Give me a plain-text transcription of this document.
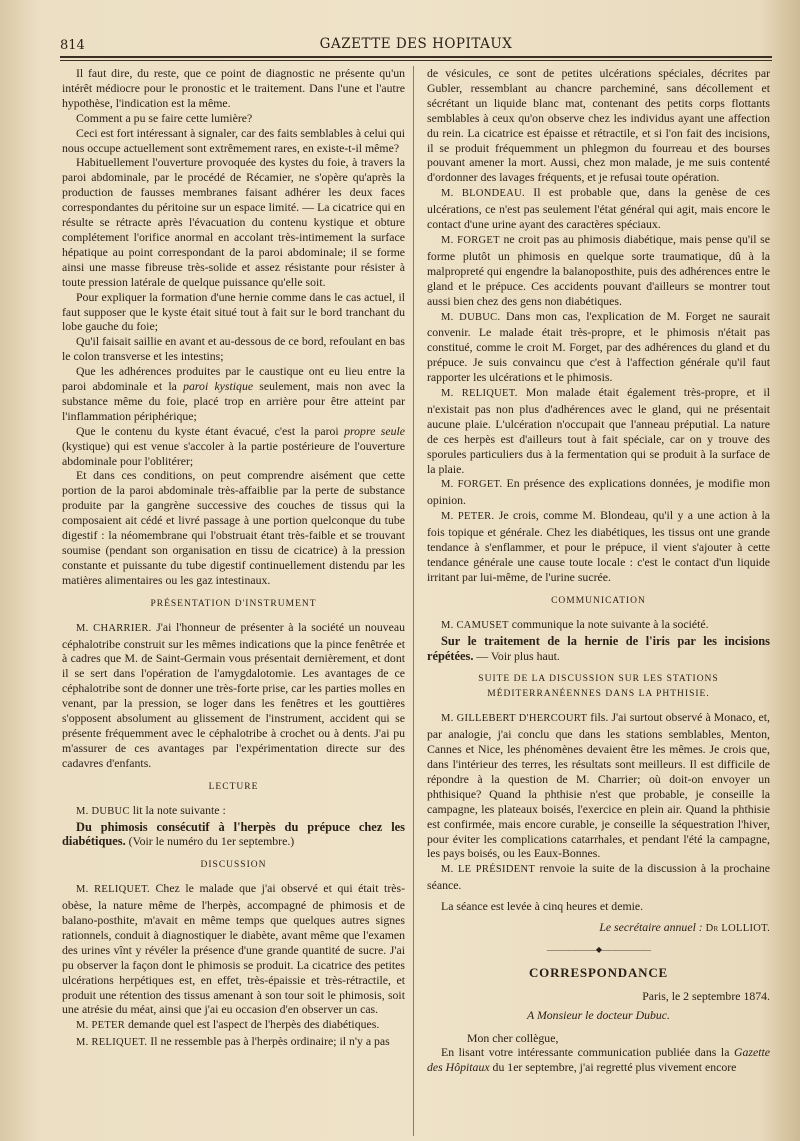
814	GAZETTE DES HOPITAUX

Il faut dire, du reste, que ce point de diagnostic ne présente qu'un intérêt médiocre pour le pronostic et le traitement. Dans l'une et l'autre hypothèse, l'indication est la même.

Comment a pu se faire cette lumière?

Ceci est fort intéressant à signaler, car des faits semblables à celui qui nous occupe actuellement sont extrêmement rares, en existe-t-il même?

Habituellement l'ouverture provoquée des kystes du foie, à travers la paroi abdominale, par le procédé de Récamier, ne s'opère qu'après la production de fausses membranes faisant adhérer les deux faces correspondantes du péritoine sur un espace limité. — La cicatrice qui en résulte se rétracte après l'évacuation du contenu kystique et obture complétement l'orifice anormal en accolant très-intimement la surface hépatique au point correspondant de la paroi abdominale; il se forme ainsi une masse fibreuse très-solide et assez résistante pour résister à toute pression latérale de quelque puissance qu'elle soit.

Pour expliquer la formation d'une hernie comme dans le cas actuel, il faut supposer que le kyste était situé tout à fait sur le bord tranchant du lobe gauche du foie;

Qu'il faisait saillie en avant et au-dessous de ce bord, refoulant en bas le colon transverse et les intestins;

Que les adhérences produites par le caustique ont eu lieu entre la paroi abdominale et la paroi kystique seulement, mais non avec la substance même du foie, placé trop en arrière pour être atteint par l'inflammation périphérique;

Que le contenu du kyste étant évacué, c'est la paroi propre seule (kystique) qui est venue s'accoler à la partie postérieure de l'ouverture abdominale pour l'oblitérer;

Et dans ces conditions, on peut comprendre aisément que cette portion de la paroi abdominale très-affaiblie par la perte de substance produite par la gangrène successive des couches de tissus qui la composaient ait cédé et livré passage à une portion quelconque du tube digestif : la néomembrane qui l'obstruait étant très-faible et se trouvant soumise (pendant son organisation en tissu de cicatrice) à la pression constante et puissante du tube digestif continuellement distendu par les matières alimentaires ou les gaz intestinaux.

PRÉSENTATION D'INSTRUMENT

M. CHARRIER. J'ai l'honneur de présenter à la société un nouveau céphalotribe construit sur les mêmes indications que la pince fenêtrée et à cadres que M. de Saint-Germain vous présentait dernièrement, et dont il se sert dans l'opération de l'amygdalotomie. Les avantages de ce céphalotribe sont de donner une très-forte prise, car les parties molles en venant, par la pression, se loger dans les fenêtres et les gouttières s'opposent absolument au glissement de l'instrument, accident qui se présente fréquemment avec le céphalotribe à crochet ou à dents. J'ai pu m'assurer de ces avantages par l'expérimentation directe sur des cadavres d'enfants.

LECTURE

M. DUBUC lit la note suivante :

Du phimosis consécutif à l'herpès du prépuce chez les diabétiques. (Voir le numéro du 1er septembre.)

DISCUSSION

M. RELIQUET. Chez le malade que j'ai observé et qui était très-obèse, la nature même de l'herpès, accompagné de phimosis et de balano-posthite, m'avait en même temps que quelques autres signes rationnels, conduit à diagnostiquer le diabète, avant même que l'examen des urines vînt y révéler la présence d'une grande quantité de sucre. J'ai pu observer la façon dont le phimosis se produit. La cicatrice des petites ulcérations herpétiques est, en effet, très-épaissie et très-rétractile, et produit une rétention des tissus amenant à son tour soit le phimosis, soit une atrésie du méat, ainsi que j'ai eu occasion d'en observer un cas.

M. PETER demande quel est l'aspect de l'herpès des diabétiques.

M. RELIQUET. Il ne ressemble pas à l'herpès ordinaire; il n'y a pas

de vésicules, ce sont de petites ulcérations spéciales, décrites par Gubler, ressemblant au chancre parcheminé, sans décollement et sécrétant un liquide blanc mat, contenant des petits corps flottants semblables à ceux qu'on observe chez les individus ayant une affection du rein. La cicatrice est épaisse et rétractile, et si l'on fait des incisions, il se produit fréquemment un phlegmon du fourreau et des bourses pouvant amener la mort. Aussi, chez mon malade, je me suis contenté d'ordonner des lavages fréquents, et je refusai toute opération.

M. BLONDEAU. Il est probable que, dans la genèse de ces ulcérations, ce n'est pas seulement l'état général qui agit, mais encore le contact d'une urine ayant des caractères spéciaux.

M. FORGET ne croit pas au phimosis diabétique, mais pense qu'il se forme plutôt un phimosis en quelque sorte traumatique, dû à la malpropreté qui engendre la balanoposthite, puis des adhérences entre le gland et le prépuce. Ces accidents pouvant d'ailleurs se montrer tout aussi bien chez des gens non diabétiques.

M. DUBUC. Dans mon cas, l'explication de M. Forget ne saurait convenir. Le malade était très-propre, et le phimosis n'était pas constitué, comme le croit M. Forget, par des adhérences du gland et du prépuce. Je suis convaincu que c'est à l'affection générale qu'il faut rapporter les ulcérations et le phimosis.

M. RELIQUET. Mon malade était également très-propre, et il n'existait pas non plus d'adhérences avec le gland, qui ne présentait aucune plaie. L'ulcération n'occupait que l'anneau préputial. La nature de ces herpès est d'ailleurs tout à fait spéciale, car on y trouve des sporules particuliers dus à la fermentation qui se produit à la surface de la plaie.

M. FORGET. En présence des explications données, je modifie mon opinion.

M. PETER. Je crois, comme M. Blondeau, qu'il y a une action à la fois topique et générale. Chez les diabétiques, les tissus ont une grande tendance à s'enflammer, et pour le prépuce, il vient s'ajouter à cette tendance générale une cause toute locale : c'est le contact d'un liquide irritant par lui-même, de l'urine sucrée.

COMMUNICATION

M. CAMUSET communique la note suivante à la société.

Sur le traitement de la hernie de l'iris par les incisions répétées. — Voir plus haut.

SUITE DE LA DISCUSSION SUR LES STATIONS MÉDITERRANÉENNES DANS LA PHTHISIE.

M. GILLEBERT D'HERCOURT fils. J'ai surtout observé à Monaco, et, par analogie, j'ai conclu que dans les stations semblables, Menton, Cannes et Nice, les phénomènes devaient être les mêmes. Je crois que, dans l'intérieur des terres, les résultats sont meilleurs. Il est difficile de répondre à la question de M. Charrier; où doit-on envoyer un phthisique? Quand la phthisie n'est que probable, je conseille la campagne, les plateaux boisés, l'exercice en plein air. Quand la phthisie est confirmée, mais encore curable, je conseille la séquestration l'hiver, pour éviter les complications catarrhales, et pendant l'été la campagne, les pays boisés, ou les Eaux-Bonnes.

M. LE PRÉSIDENT renvoie la suite de la discussion à la prochaine séance.

La séance est levée à cinq heures et demie.

Le secrétaire annuel : Dr LOLLIOT.
———————◆———————
CORRESPONDANCE
Paris, le 2 septembre 1874.
A Monsieur le docteur Dubuc.

Mon cher collègue,

En lisant votre intéressante communication publiée dans la Gazette des Hôpitaux du 1er septembre, j'ai regretté plus vivement encore
